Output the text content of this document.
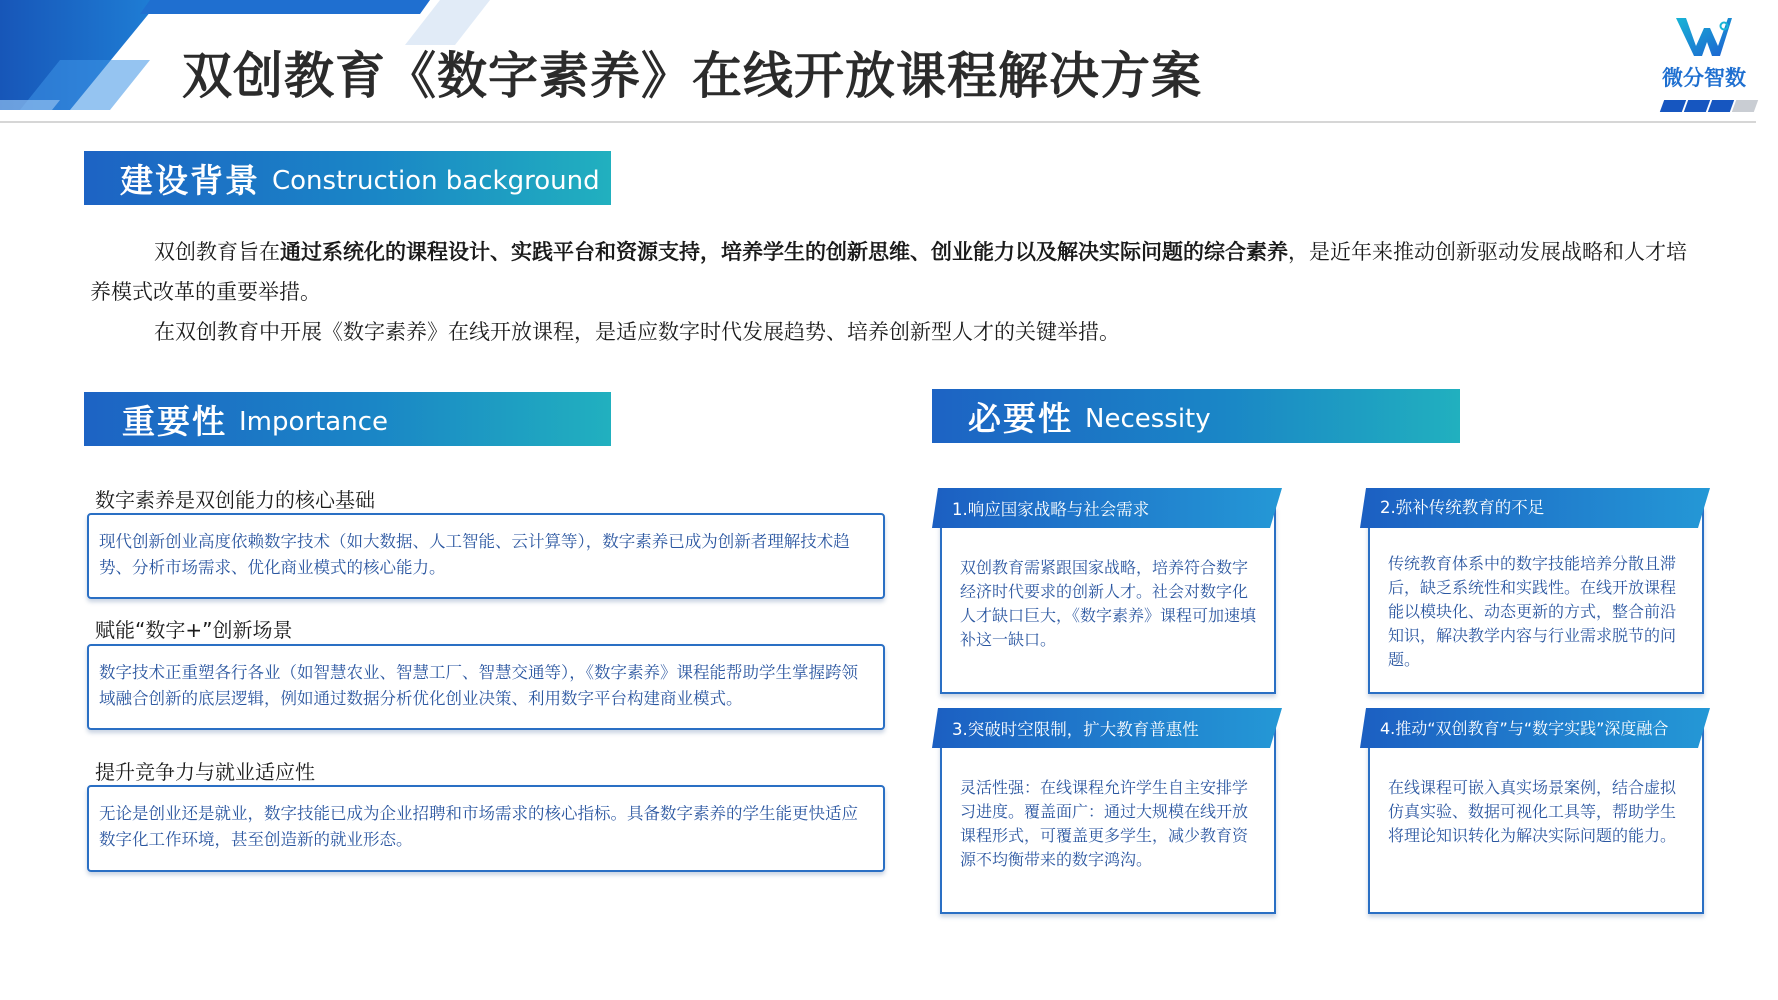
双创教育《数字素养》在线开放课程解决方案	微分智数
建设背景 Construction background

双创教育旨在通过系统化的课程设计、实践平台和资源支持，培养学生的创新思维、创业能力以及解决实际问题的综合素养，是近年来推动创新驱动发展战略和人才培养模式改革的重要举措。

在双创教育中开展《数字素养》在线开放课程，是适应数字时代发展趋势、培养创新型人才的关键举措。

重要性 Importance
数字素养是双创能力的核心基础
现代创新创业高度依赖数字技术（如大数据、人工智能、云计算等），数字素养已成为创新者理解技术趋势、分析市场需求、优化商业模式的核心能力。
赋能“数字+”创新场景
数字技术正重塑各行各业（如智慧农业、智慧工厂、智慧交通等），《数字素养》课程能帮助学生掌握跨领域融合创新的底层逻辑，例如通过数据分析优化创业决策、利用数字平台构建商业模式。
提升竞争力与就业适应性
无论是创业还是就业，数字技能已成为企业招聘和市场需求的核心指标。具备数字素养的学生能更快适应数字化工作环境，甚至创造新的就业形态。
必要性 Necessity
1.响应国家战略与社会需求
双创教育需紧跟国家战略，培养符合数字经济时代要求的创新人才。社会对数字化人才缺口巨大，《数字素养》课程可加速填补这一缺口。
2.弥补传统教育的不足
传统教育体系中的数字技能培养分散且滞后，缺乏系统性和实践性。在线开放课程能以模块化、动态更新的方式，整合前沿知识，解决教学内容与行业需求脱节的问题。
3.突破时空限制，扩大教育普惠性
灵活性强：在线课程允许学生自主安排学习进度。覆盖面广：通过大规模在线开放课程形式，可覆盖更多学生，减少教育资源不均衡带来的数字鸿沟。
4.推动“双创教育”与“数字实践”深度融合
在线课程可嵌入真实场景案例，结合虚拟仿真实验、数据可视化工具等，帮助学生将理论知识转化为解决实际问题的能力。
